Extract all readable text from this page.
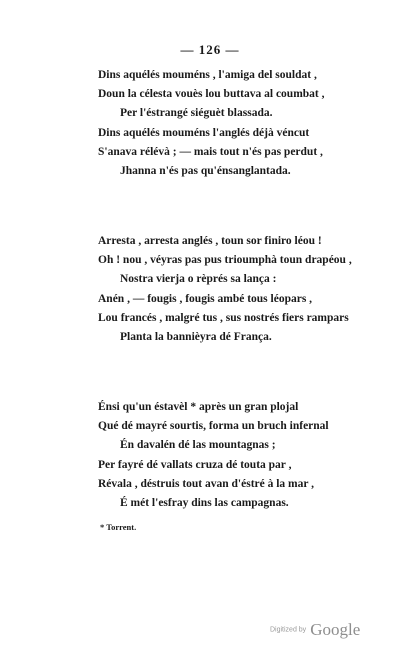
— 126 —
Dins aquélés mouméns , l'amiga del souldat ,
Doun la célesta vouès lou buttava al coumbat ,
Per l'éstrangé siéguèt blassada.
Dins aquélés mouméns l'anglés déjà véncut
S'anava rélévà ; — mais tout n'és pas perdut ,
Jhanna n'és pas qu'énsanglantada.
Arresta , arresta anglés , toun sor finiro léou !
Oh ! nou , véyras pas pus trioumphà toun drapéou ,
Nostra vierja o rèprés sa lança :
Anén , — fougis , fougis ambé tous léopars ,
Lou francés , malgré tus , sus nostrés fiers rampars
Planta la bannièyra dé França.
Énsi qu'un éstavèl * après un gran plojal
Qué dé mayré sourtis, forma un bruch infernal
Én davalén dé las mountagnas ;
Per fayré dé vallats cruza dé touta par ,
Révala , déstruis tout avan d'éstré à la mar ,
É mét l'esfray dins las campagnas.
* Torrent.
Digitized by Google
